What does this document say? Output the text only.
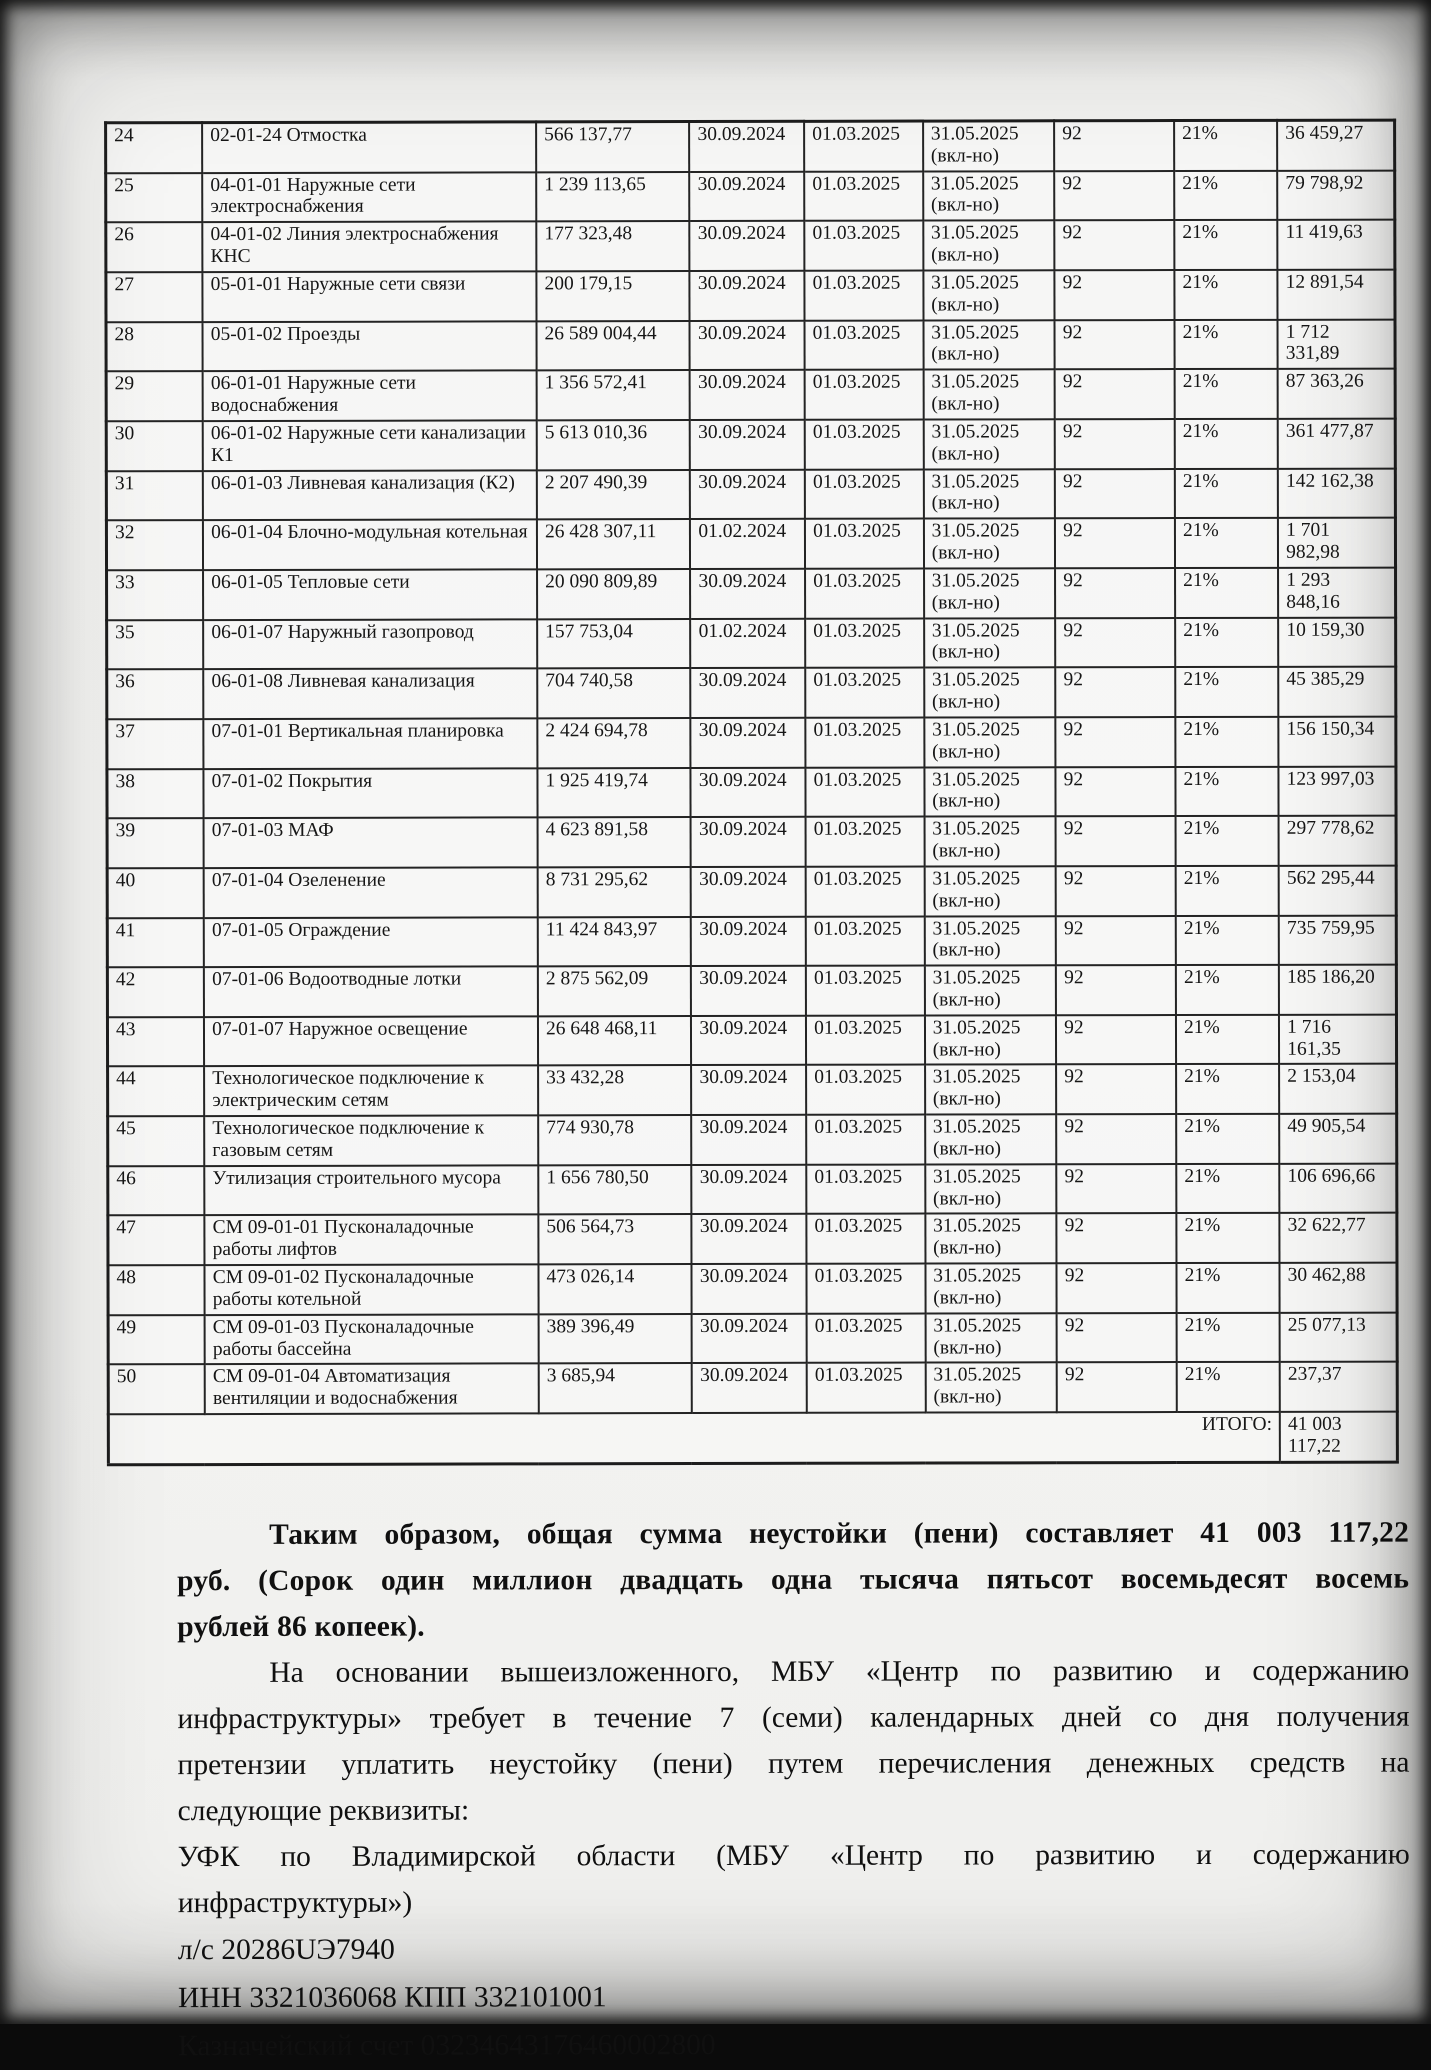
24	02-01-24 Отмостка	566 137,77	30.09.2024	01.03.2025	31.05.2025 (вкл-но)	92	21%	36 459,27
25	04-01-01 Наружные сети электроснабжения	1 239 113,65	30.09.2024	01.03.2025	31.05.2025 (вкл-но)	92	21%	79 798,92
26	04-01-02 Линия электроснабжения КНС	177 323,48	30.09.2024	01.03.2025	31.05.2025 (вкл-но)	92	21%	11 419,63
27	05-01-01 Наружные сети связи	200 179,15	30.09.2024	01.03.2025	31.05.2025 (вкл-но)	92	21%	12 891,54
28	05-01-02 Проезды	26 589 004,44	30.09.2024	01.03.2025	31.05.2025 (вкл-но)	92	21%	1 712 331,89
29	06-01-01 Наружные сети водоснабжения	1 356 572,41	30.09.2024	01.03.2025	31.05.2025 (вкл-но)	92	21%	87 363,26
30	06-01-02 Наружные сети канализации К1	5 613 010,36	30.09.2024	01.03.2025	31.05.2025 (вкл-но)	92	21%	361 477,87
31	06-01-03 Ливневая канализация (К2)	2 207 490,39	30.09.2024	01.03.2025	31.05.2025 (вкл-но)	92	21%	142 162,38
32	06-01-04 Блочно-модульная котельная	26 428 307,11	01.02.2024	01.03.2025	31.05.2025 (вкл-но)	92	21%	1 701 982,98
33	06-01-05 Тепловые сети	20 090 809,89	30.09.2024	01.03.2025	31.05.2025 (вкл-но)	92	21%	1 293 848,16
35	06-01-07 Наружный газопровод	157 753,04	01.02.2024	01.03.2025	31.05.2025 (вкл-но)	92	21%	10 159,30
36	06-01-08 Ливневая канализация	704 740,58	30.09.2024	01.03.2025	31.05.2025 (вкл-но)	92	21%	45 385,29
37	07-01-01 Вертикальная планировка	2 424 694,78	30.09.2024	01.03.2025	31.05.2025 (вкл-но)	92	21%	156 150,34
38	07-01-02 Покрытия	1 925 419,74	30.09.2024	01.03.2025	31.05.2025 (вкл-но)	92	21%	123 997,03
39	07-01-03 МАФ	4 623 891,58	30.09.2024	01.03.2025	31.05.2025 (вкл-но)	92	21%	297 778,62
40	07-01-04 Озеленение	8 731 295,62	30.09.2024	01.03.2025	31.05.2025 (вкл-но)	92	21%	562 295,44
41	07-01-05 Ограждение	11 424 843,97	30.09.2024	01.03.2025	31.05.2025 (вкл-но)	92	21%	735 759,95
42	07-01-06 Водоотводные лотки	2 875 562,09	30.09.2024	01.03.2025	31.05.2025 (вкл-но)	92	21%	185 186,20
43	07-01-07 Наружное освещение	26 648 468,11	30.09.2024	01.03.2025	31.05.2025 (вкл-но)	92	21%	1 716 161,35
44	Технологическое подключение к электрическим сетям	33 432,28	30.09.2024	01.03.2025	31.05.2025 (вкл-но)	92	21%	2 153,04
45	Технологическое подключение к газовым сетям	774 930,78	30.09.2024	01.03.2025	31.05.2025 (вкл-но)	92	21%	49 905,54
46	Утилизация строительного мусора	1 656 780,50	30.09.2024	01.03.2025	31.05.2025 (вкл-но)	92	21%	106 696,66
47	СМ 09-01-01 Пусконаладочные работы лифтов	506 564,73	30.09.2024	01.03.2025	31.05.2025 (вкл-но)	92	21%	32 622,77
48	СМ 09-01-02 Пусконаладочные работы котельной	473 026,14	30.09.2024	01.03.2025	31.05.2025 (вкл-но)	92	21%	30 462,88
49	СМ 09-01-03 Пусконаладочные работы бассейна	389 396,49	30.09.2024	01.03.2025	31.05.2025 (вкл-но)	92	21%	25 077,13
50	СМ 09-01-04 Автоматизация вентиляции и водоснабжения	3 685,94	30.09.2024	01.03.2025	31.05.2025 (вкл-но)	92	21%	237,37
ИТОГО:								41 003 117,22
Таким образом, общая сумма неустойки (пени) составляет 41 003 117,22
руб. (Сорок один миллион двадцать одна тысяча пятьсот восемьдесят восемь
рублей 86 копеек).
На основании вышеизложенного, МБУ «Центр по развитию и содержанию
инфраструктуры» требует в течение 7 (семи) календарных дней со дня получения
претензии уплатить неустойку (пени) путем перечисления денежных средств на
следующие реквизиты:
УФК по Владимирской области (МБУ «Центр по развитию и содержанию
инфраструктуры»)
л/с 20286UЭ7940
ИНН 3321036068 КПП 332101001
Казначейский счет 03234643176460002800
